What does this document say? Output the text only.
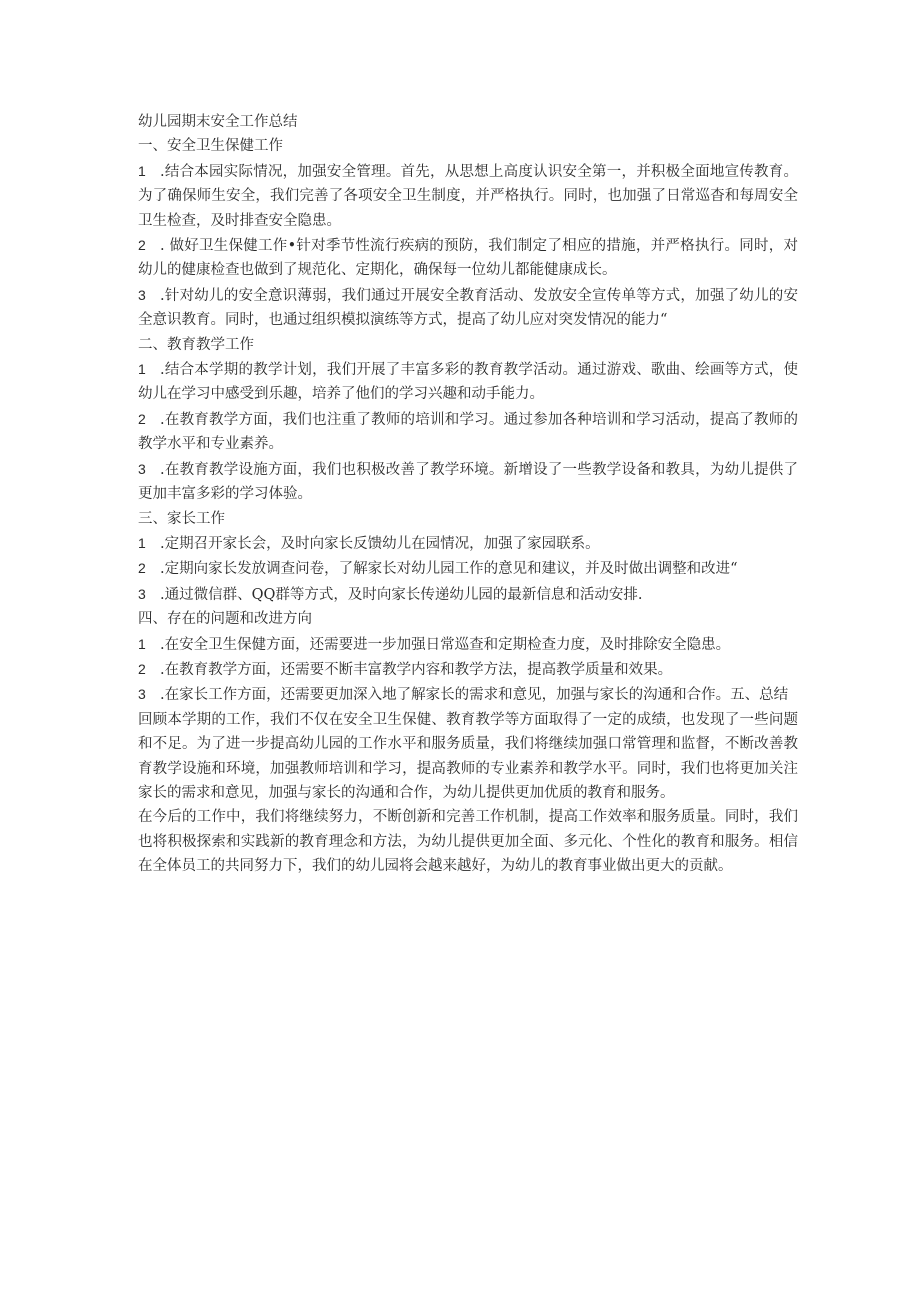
幼儿园期末安全工作总结
一、安全卫生保健工作
1 .结合本园实际情况，加强安全管理。首先，从思想上高度认识安全第一，并积极全面地宣传教育。为了确保师生安全，我们完善了各项安全卫生制度，并严格执行。同时，也加强了日常巡杳和每周安全卫生检查，及时排查安全隐患。
2 . 做好卫生保健工作•针对季节性流行疾病的预防，我们制定了相应的措施，并严格执行。同时，对幼儿的健康检查也做到了规范化、定期化，确保每一位幼儿都能健康成长。
3 .针对幼儿的安全意识薄弱，我们通过开展安全教育活动、发放安全宣传单等方式，加强了幼儿的安全意识教育。同时，也通过组织模拟演练等方式，提高了幼儿应对突发情况的能力“
二、教育教学工作
1 .结合本学期的教学计划，我们开展了丰富多彩的教育教学活动。通过游戏、歌曲、绘画等方式，使幼儿在学习中感受到乐趣，培养了他们的学习兴趣和动手能力。
2 .在教育教学方面，我们也注重了教师的培训和学习。通过参加各种培训和学习活动，提高了教师的教学水平和专业素养。
3 .在教育教学设施方面，我们也积极改善了教学环境。新增设了一些教学设备和教具，为幼儿提供了更加丰富多彩的学习体验。
三、家长工作
1 .定期召开家长会，及时向家长反馈幼儿在园情况，加强了家园联系。
2 .定期向家长发放调查问卷，了解家长对幼儿园工作的意见和建议，并及时做出调整和改进“
3 .通过微信群、QQ群等方式，及时向家长传递幼儿园的最新信息和活动安排.
四、存在的问题和改进方向
1 .在安全卫生保健方面，还需要进一步加强日常巡查和定期检查力度，及时排除安全隐患。
2 .在教育教学方面，还需要不断丰富教学内容和教学方法，提高教学质量和效果。
3 .在家长工作方面，还需要更加深入地了解家长的需求和意见，加强与家长的沟通和合作。五、总结

回顾本学期的工作，我们不仅在安全卫生保健、教育教学等方面取得了一定的成绩，也发现了一些问题和不足。为了进一步提高幼儿园的工作水平和服务质量，我们将继续加强口常管理和监督，不断改善教育教学设施和环境，加强教师培训和学习，提高教师的专业素养和教学水平。同时，我们也将更加关注家长的需求和意见，加强与家长的沟通和合作，为幼儿提供更加优质的教育和服务。

在今后的工作中，我们将继续努力，不断创新和完善工作机制，提高工作效率和服务质量。同时，我们也将积极探索和实践新的教育理念和方法，为幼儿提供更加全面、多元化、个性化的教育和服务。相信在全体员工的共同努力下，我们的幼儿园将会越来越好，为幼儿的教育事业做出更大的贡献。
